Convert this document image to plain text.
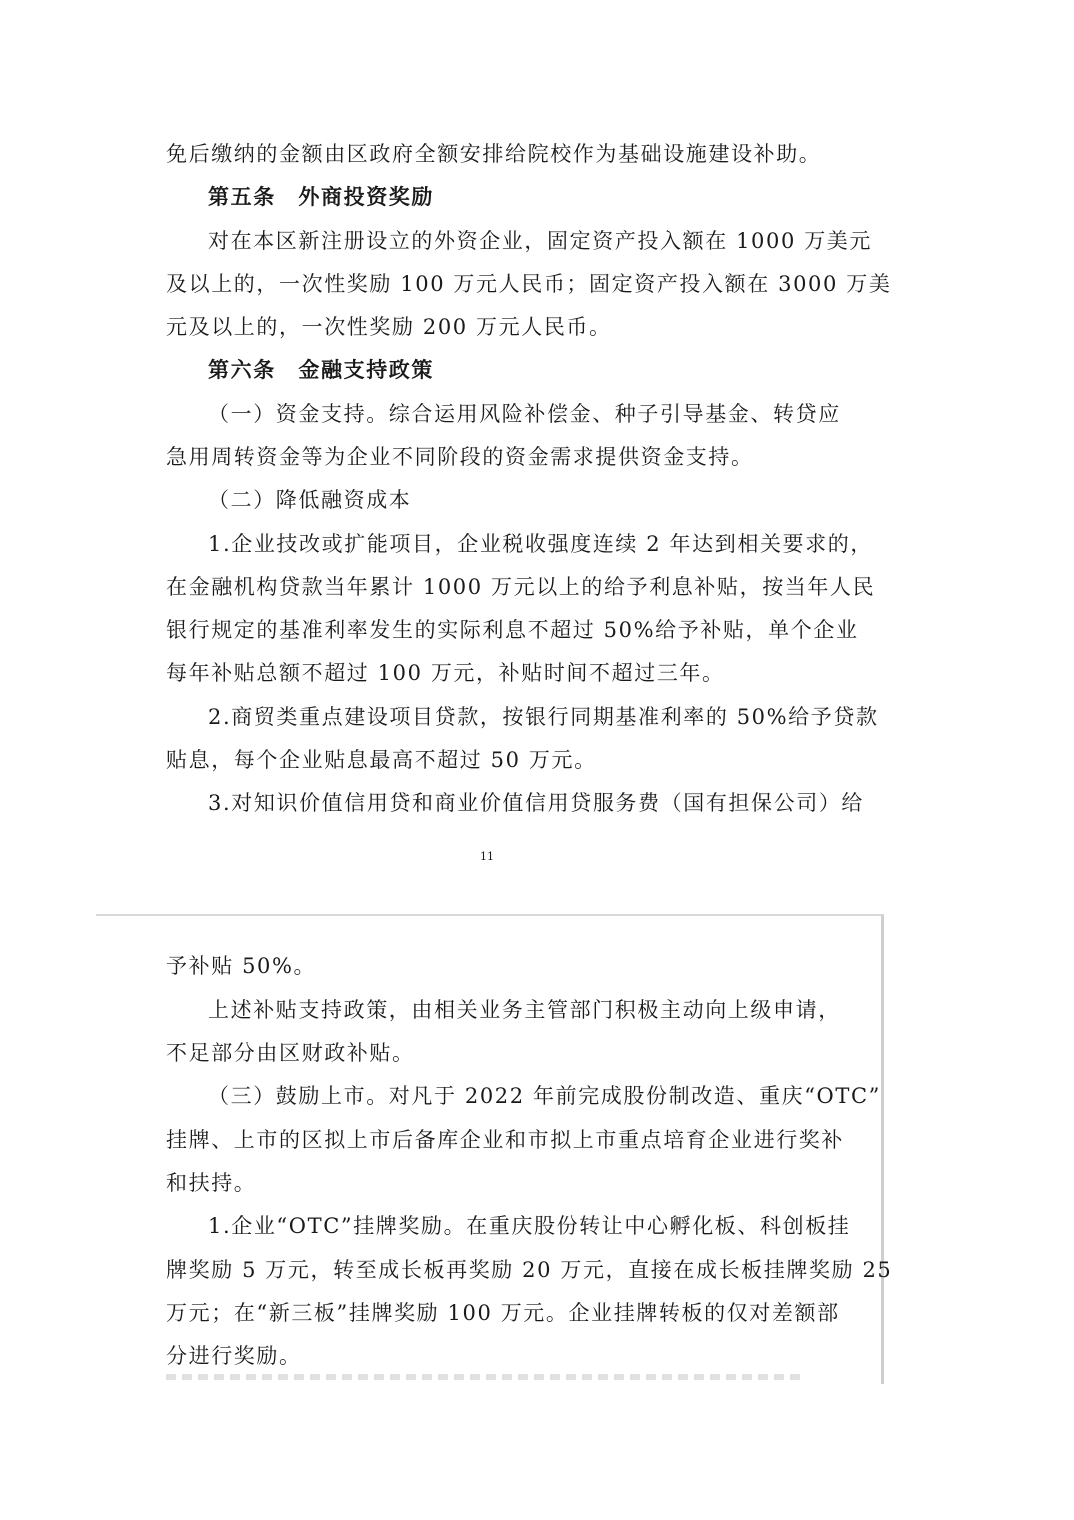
免后缴纳的金额由区政府全额安排给院校作为基础设施建设补助。
第五条　外商投资奖励
对在本区新注册设立的外资企业，固定资产投入额在 1000 万美元
及以上的，一次性奖励 100 万元人民币；固定资产投入额在 3000 万美
元及以上的，一次性奖励 200 万元人民币。
第六条　金融支持政策
（一）资金支持。综合运用风险补偿金、种子引导基金、转贷应
急用周转资金等为企业不同阶段的资金需求提供资金支持。
（二）降低融资成本
1.企业技改或扩能项目，企业税收强度连续 2 年达到相关要求的，
在金融机构贷款当年累计 1000 万元以上的给予利息补贴，按当年人民
银行规定的基准利率发生的实际利息不超过 50%给予补贴，单个企业
每年补贴总额不超过 100 万元，补贴时间不超过三年。
2.商贸类重点建设项目贷款，按银行同期基准利率的 50%给予贷款
贴息，每个企业贴息最高不超过 50 万元。
3.对知识价值信用贷和商业价值信用贷服务费（国有担保公司）给
11
予补贴 50%。
上述补贴支持政策，由相关业务主管部门积极主动向上级申请，
不足部分由区财政补贴。
（三）鼓励上市。对凡于 2022 年前完成股份制改造、重庆“OTC”
挂牌、上市的区拟上市后备库企业和市拟上市重点培育企业进行奖补
和扶持。
1.企业“OTC”挂牌奖励。在重庆股份转让中心孵化板、科创板挂
牌奖励 5 万元，转至成长板再奖励 20 万元，直接在成长板挂牌奖励 25
万元；在“新三板”挂牌奖励 100 万元。企业挂牌转板的仅对差额部
分进行奖励。
